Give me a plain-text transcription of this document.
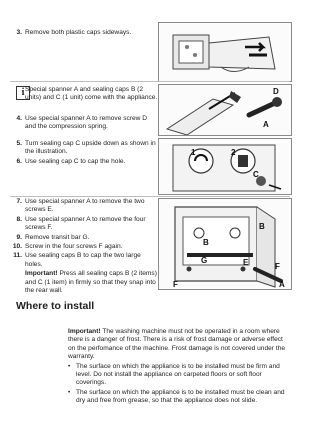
3. Remove both plastic caps sideways.
i Special spanner A and sealing caps B (2 units) and C (1 unit) come with the appliance.
4. Use special spanner A to remove screw D and the compression spring.
D
A
5. Turn sealing cap C upside down as shown in the illustration.
6. Use sealing cap C to cap the hole.
1	2
C
7. Use special spanner A to remove the two screws E.
8. Use special spanner A to remove the four screws F.
9. Remove transit bar G.
10. Screw in the four screws F again.
11. Use sealing caps B to cap the two large holes.
Important! Press all sealing caps B (2 items) and C (1 item) in firmly so that they snap into the rear wall.
B
B
G	E	F
F	A
Where to install
Important! The washing machine must not be operated in a room where there is a danger of frost. There is a risk of frost damage or adverse effect on the perfomance of the machine. Frost damage is not covered under the warranty.
• The surface on which the appliance is to be installed must be firm and level. Do not install the appliance on carpeted floors or soft floor coverings.
• The surface on which the appliance is to be installed must be clean and dry and free from grease, so that the appliance does not slide.
